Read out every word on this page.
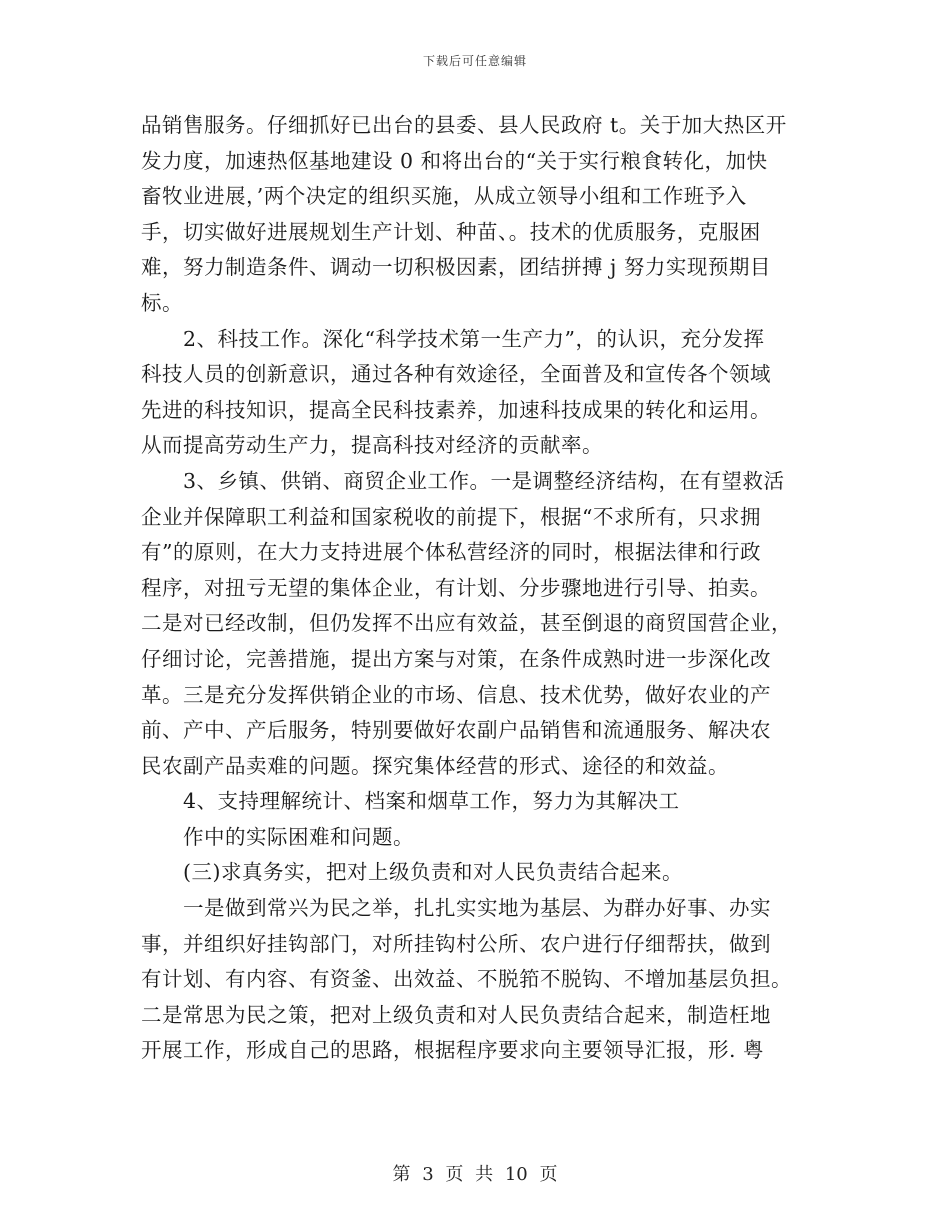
下载后可任意编辑
品销售服务。仔细抓好已出台的县委、县人民政府 t。关于加大热区开
发力度，加速热伛基地建设 0 和将出台的“关于实行粮食转化，加快
畜牧业进展，’两个决定的组织买施，从成立领导小组和工作班予入
手，切实做好进展规划生产计划、种苗、。技术的优质服务，克服困
难，努力制造条件、调动一切积极因素，团结拼搏 j 努力实现预期目
标。
2、科技工作。深化“科学技术第一生产力”，的认识，充分发挥
科技人员的创新意识，通过各种有效途径，全面普及和宣传各个领域
先进的科技知识，提高全民科技素养，加速科技成果的转化和运用。
从而提高劳动生产力，提高科技对经济的贡献率。
3、乡镇、供销、商贸企业工作。一是调整经济结构，在有望救活
企业并保障职工利益和国家税收的前提下，根据“不求所有，只求拥
有”的原则，在大力支持进展个体私营经济的同时，根据法律和行政
程序，对扭亏无望的集体企业，有计划、分步骤地进行引导、拍卖。
二是对已经改制，但仍发挥不出应有效益，甚至倒退的商贸国营企业，
仔细讨论，完善措施，提出方案与对策，在条件成熟时进一步深化改
革。三是充分发挥供销企业的市场、信息、技术优势，做好农业的产
前、产中、产后服务，特别要做好农副户品销售和流通服务、解决农
民农副产品卖难的问题。探究集体经营的形式、途径的和效益。
4、支持理解统计、档案和烟草工作，努力为其解决工
作中的实际困难和问题。
(三)求真务实，把对上级负责和对人民负责结合起来。
一是做到常兴为民之举，扎扎实实地为基层、为群办好事、办实
事，并组织好挂钩部门，对所挂钩村公所、农户进行仔细帮扶，做到
有计划、有内容、有资釜、出效益、不脱筘不脱钩、不增加基层负担。
二是常思为民之策，把对上级负责和对人民负责结合起来，制造枉地
开展工作，形成自己的思路，根据程序要求向主要领导汇报，形. 粤
第 3 页 共 10 页
